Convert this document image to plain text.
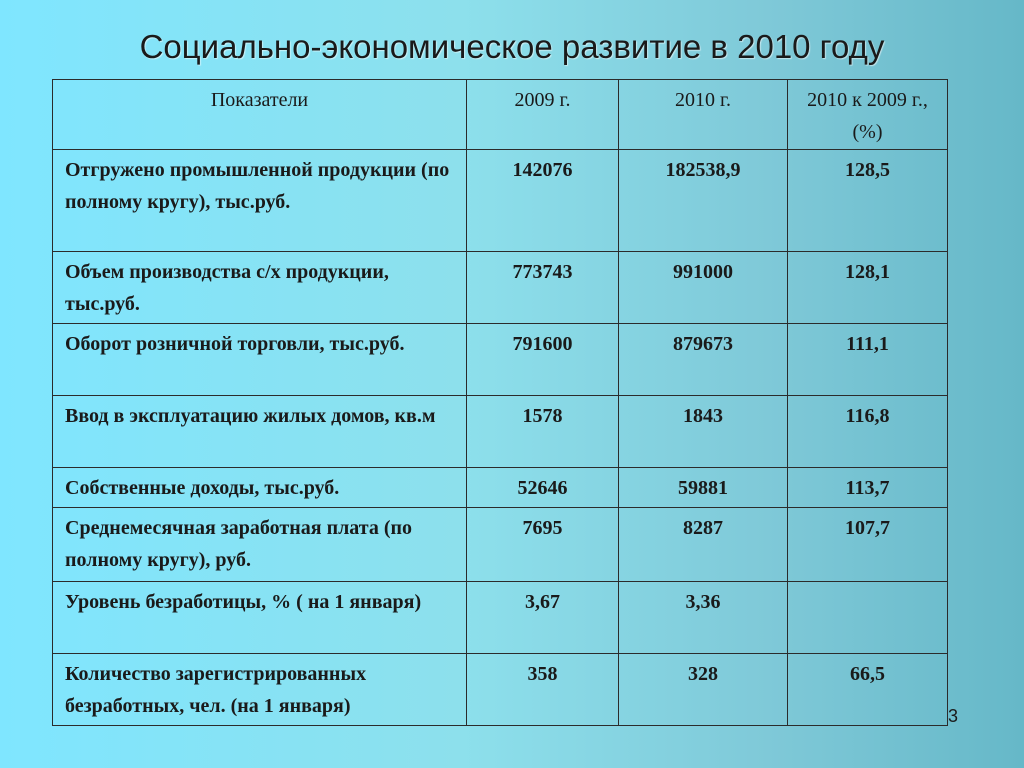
Социально-экономическое развитие в 2010 году
Показатели	2009 г.	2010 г.	2010 к 2009 г., (%)
Отгружено промышленной продукции (по полному кругу), тыс.руб.	142076	182538,9	128,5
Объем производства с/х продукции, тыс.руб.	773743	991000	128,1
Оборот розничной торговли, тыс.руб.	791600	879673	111,1
Ввод в эксплуатацию жилых домов, кв.м	1578	1843	116,8
Собственные доходы, тыс.руб.	52646	59881	113,7
Среднемесячная заработная плата (по полному кругу), руб.	7695	8287	107,7
Уровень безработицы, % ( на 1 января)	3,67	3,36	
Количество зарегистрированных безработных, чел. (на 1 января)	358	328	66,5
3
